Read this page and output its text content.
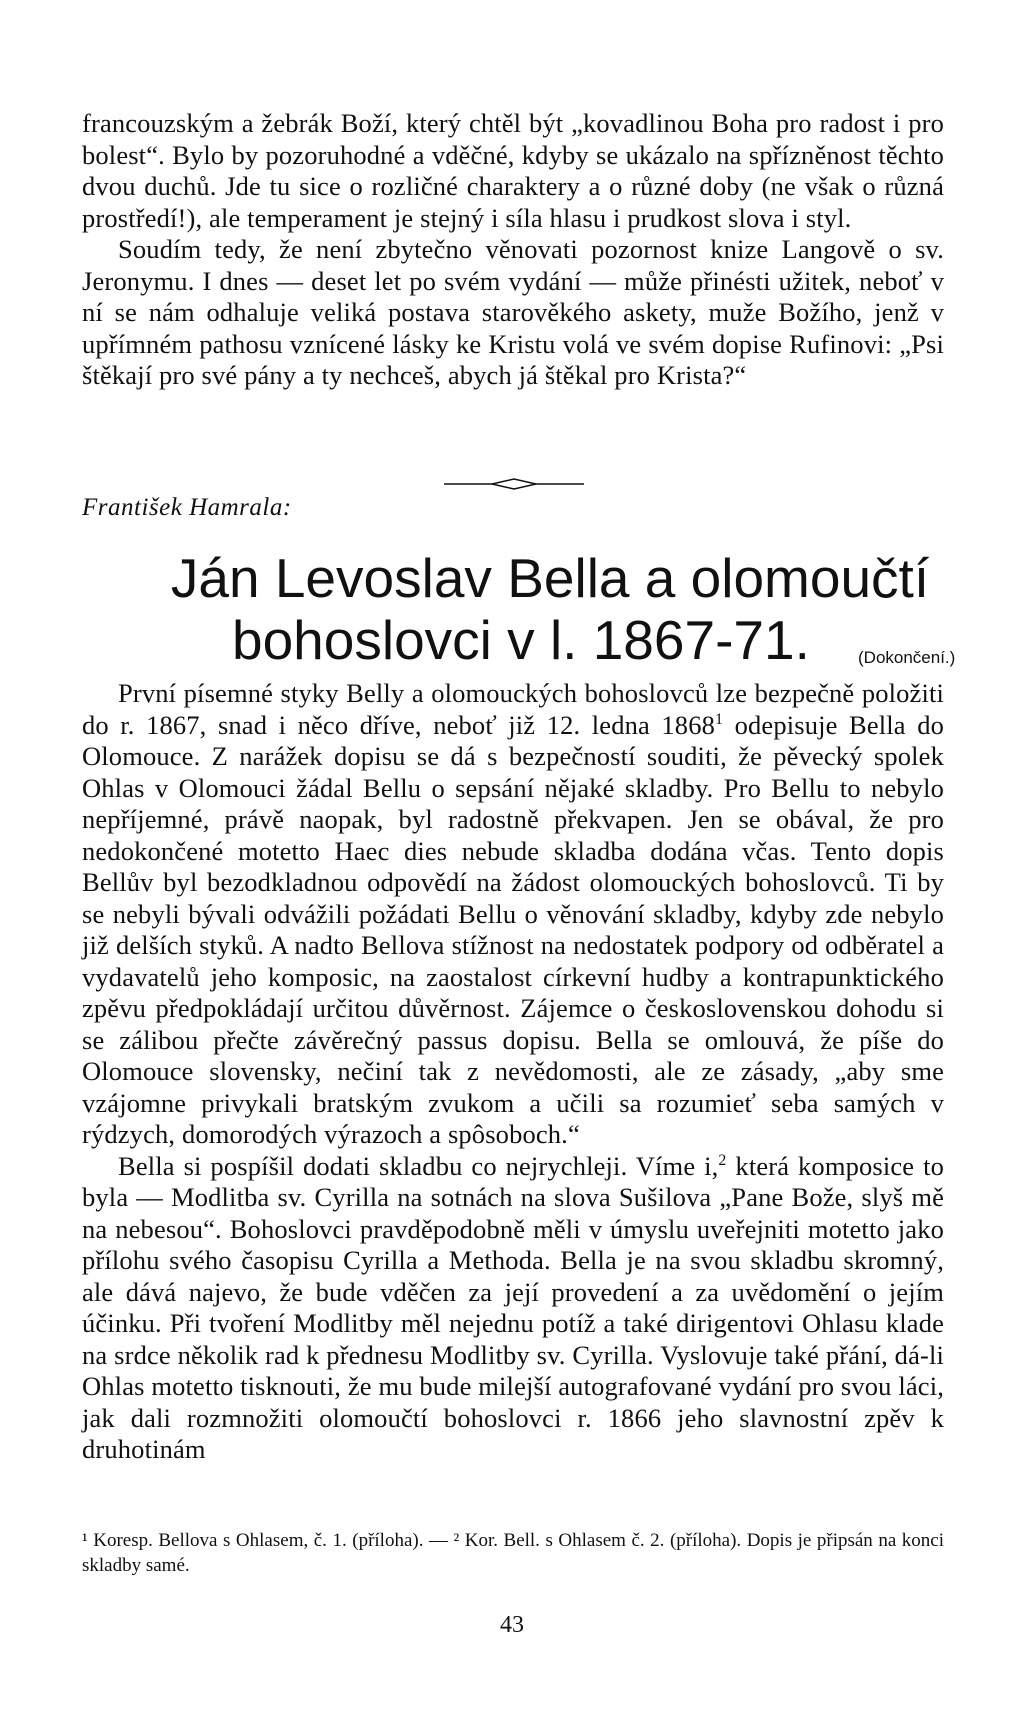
francouzským a žebrák Boží, který chtěl být „kovadlinou Boha pro radost i pro bolest“. Bylo by pozoruhodné a vděčné, kdyby se ukázalo na spřízněnost těchto dvou duchů. Jde tu sice o rozličné charaktery a o různé doby (ne však o různá prostředí!), ale temperament je stejný i síla hlasu i prudkost slova i styl.

Soudím tedy, že není zbytečno věnovati pozornost knize Langově o sv. Jeronymu. I dnes — deset let po svém vydání — může přinésti užitek, neboť v ní se nám odhaluje veliká postava starověkého askety, muže Božího, jenž v upřímném pathosu vznícené lásky ke Kristu volá ve svém dopise Rufinovi: „Psi štěkají pro své pány a ty nechceš, abych já štěkal pro Krista?“

František Hamrala:
Ján Levoslav Bella a olomoučtí
bohoslovci v l. 1867-71.	(Dokončení.)

První písemné styky Belly a olomouckých bohoslovců lze bezpečně položiti do r. 1867, snad i něco dříve, neboť již 12. ledna 1868$^1$ odepisuje Bella do Olomouce. Z narážek dopisu se dá s bezpečností souditi, že pěvecký spolek Ohlas v Olomouci žádal Bellu o sepsání nějaké skladby. Pro Bellu to nebylo nepříjemné, právě naopak, byl radostně překvapen. Jen se obával, že pro nedokončené motetto Haec dies nebude skladba dodána včas. Tento dopis Bellův byl bezodkladnou odpovědí na žádost olomouckých bohoslovců. Ti by se nebyli bývali odvážili požádati Bellu o věnování skladby, kdyby zde nebylo již delších styků. A nadto Bellova stížnost na nedostatek podpory od odběratel a vydavatelů jeho komposic, na zaostalost církevní hudby a kontrapunktického zpěvu předpokládají určitou důvěrnost. Zájemce o československou dohodu si se zálibou přečte závěrečný passus dopisu. Bella se omlouvá, že píše do Olomouce slovensky, nečiní tak z nevědomosti, ale ze zásady, „aby sme vzájomne privykali bratským zvukom a učili sa rozumieť seba samých v rýdzych, domorodých výrazoch a spôsoboch.“

Bella si pospíšil dodati skladbu co nejrychleji. Víme i,$^2$ která komposice to byla — Modlitba sv. Cyrilla na sotnách na slova Sušilova „Pane Bože, slyš mě na nebesou“. Bohoslovci pravděpodobně měli v úmyslu uveřejniti motetto jako přílohu svého časopisu Cyrilla a Methoda. Bella je na svou skladbu skromný, ale dává najevo, že bude vděčen za její provedení a za uvědomění o jejím účinku. Při tvoření Modlitby měl nejednu potíž a také dirigentovi Ohlasu klade na srdce několik rad k přednesu Modlitby sv. Cyrilla. Vyslovuje také přání, dá-li Ohlas motetto tisknouti, že mu bude milejší autografované vydání pro svou láci, jak dali rozmnožiti olomoučtí bohoslovci r. 1866 jeho slavnostní zpěv k druhotinám

¹ Koresp. Bellova s Ohlasem, č. 1. (příloha). — ² Kor. Bell. s Ohlasem č. 2. (příloha). Dopis je připsán na konci skladby samé.

43
